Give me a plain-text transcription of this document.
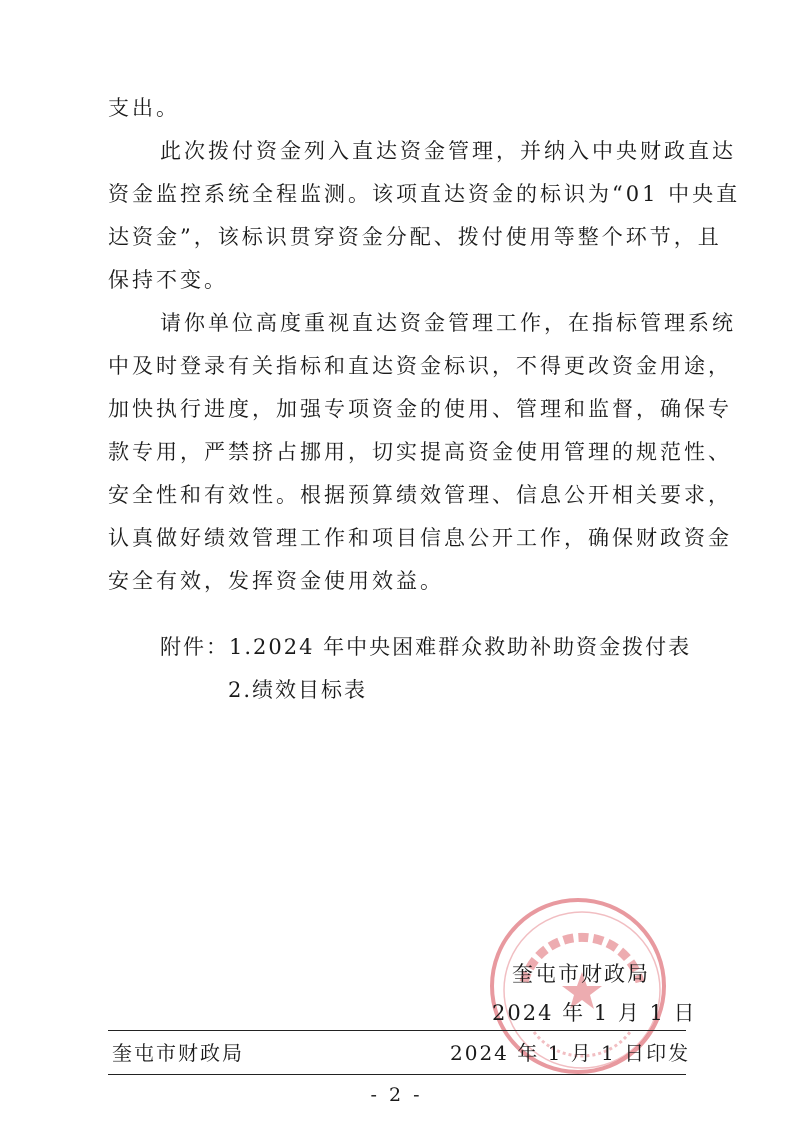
支出。
此次拨付资金列入直达资金管理，并纳入中央财政直达
资金监控系统全程监测。该项直达资金的标识为“01 中央直
达资金”，该标识贯穿资金分配、拨付使用等整个环节，且
保持不变。
请你单位高度重视直达资金管理工作，在指标管理系统
中及时登录有关指标和直达资金标识，不得更改资金用途，
加快执行进度，加强专项资金的使用、管理和监督，确保专
款专用，严禁挤占挪用，切实提高资金使用管理的规范性、
安全性和有效性。根据预算绩效管理、信息公开相关要求，
认真做好绩效管理工作和项目信息公开工作，确保财政资金
安全有效，发挥资金使用效益。
附件：1.2024 年中央困难群众救助补助资金拨付表
2.绩效目标表
奎屯市财政局
2024 年 1 月 1 日
奎屯市财政局	2024 年 1 月 1 日印发
- 2 -
